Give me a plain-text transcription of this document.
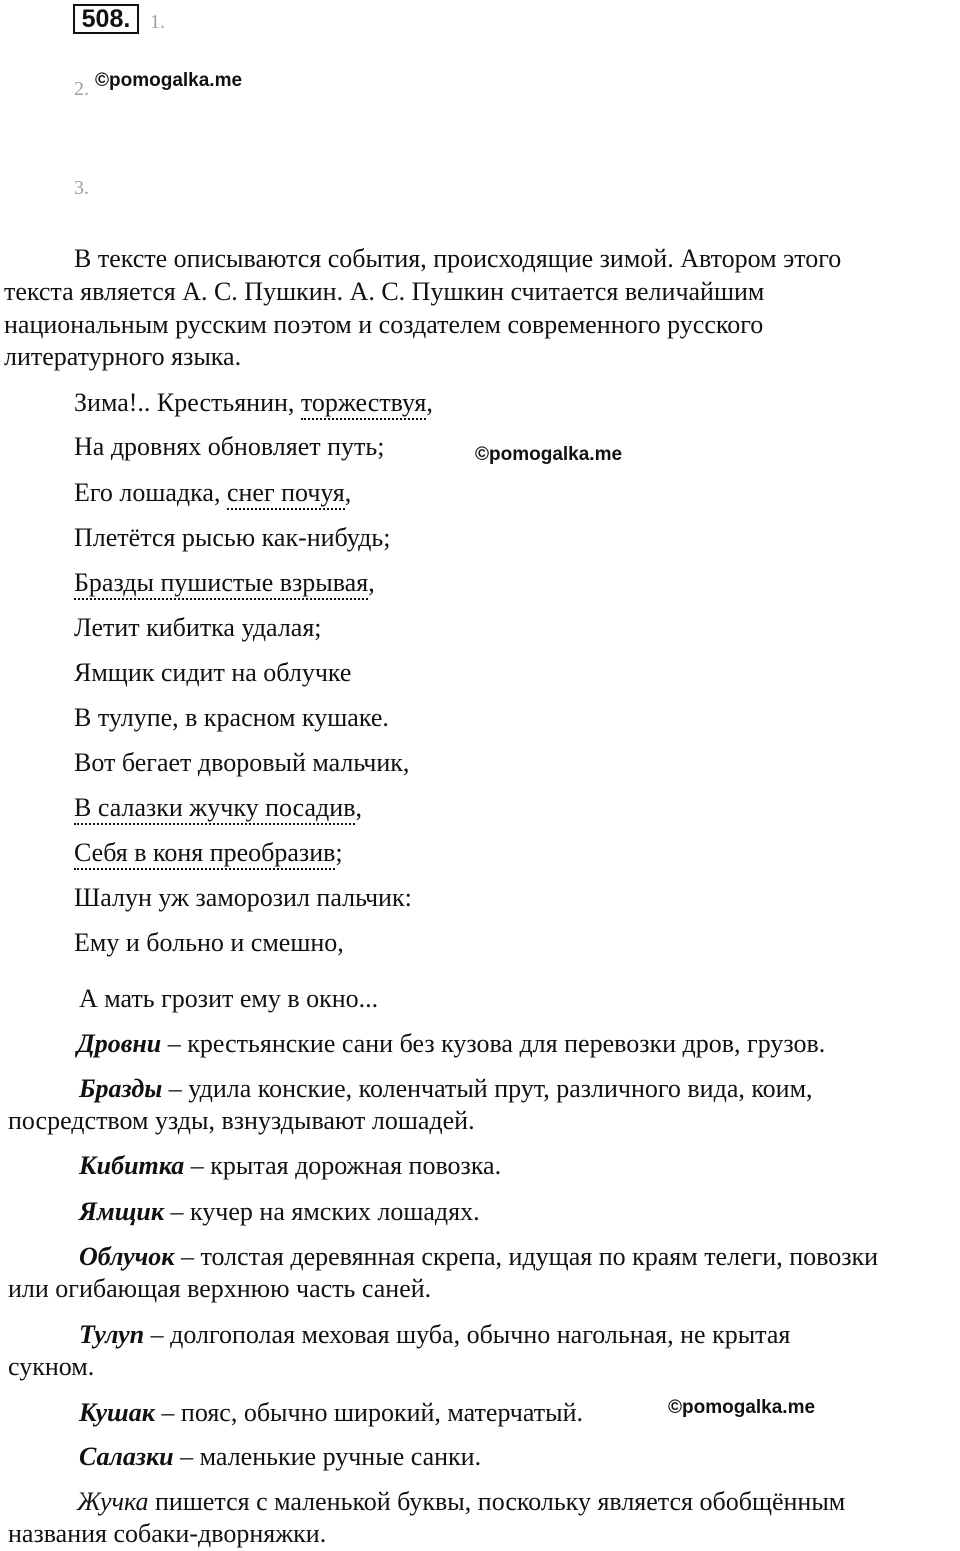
508. 1.
2. ©pomogalka.me
3.
В тексте описываются события, происходящие зимой. Автором этого
текста является А. С. Пушкин. А. С. Пушкин считается величайшим
национальным русским поэтом и создателем современного русского
литературного языка.
Зима!.. Крестьянин, торжествуя,
На дровнях обновляет путь;	©pomogalka.me
Его лошадка, снег почуя,
Плетётся рысью как-нибудь;
Бразды пушистые взрывая,
Летит кибитка удалая;
Ямщик сидит на облучке
В тулупе, в красном кушаке.
Вот бегает дворовый мальчик,
В салазки жучку посадив,
Себя в коня преобразив;
Шалун уж заморозил пальчик:
Ему и больно и смешно,
А мать грозит ему в окно...
Дровни – крестьянские сани без кузова для перевозки дров, грузов.
Бразды – удила конские, коленчатый прут, различного вида, коим,
посредством узды, взнуздывают лошадей.
Кибитка – крытая дорожная повозка.
Ямщик – кучер на ямских лошадях.
Облучок – толстая деревянная скрепа, идущая по краям телеги, повозки
или огибающая верхнюю часть саней.
Тулуп – долгополая меховая шуба, обычно нагольная, не крытая
сукном.
Кушак – пояс, обычно широкий, матерчатый.	©pomogalka.me
Салазки – маленькие ручные санки.
Жучка пишется с маленькой буквы, поскольку является обобщённым
названия собаки-дворняжки.
